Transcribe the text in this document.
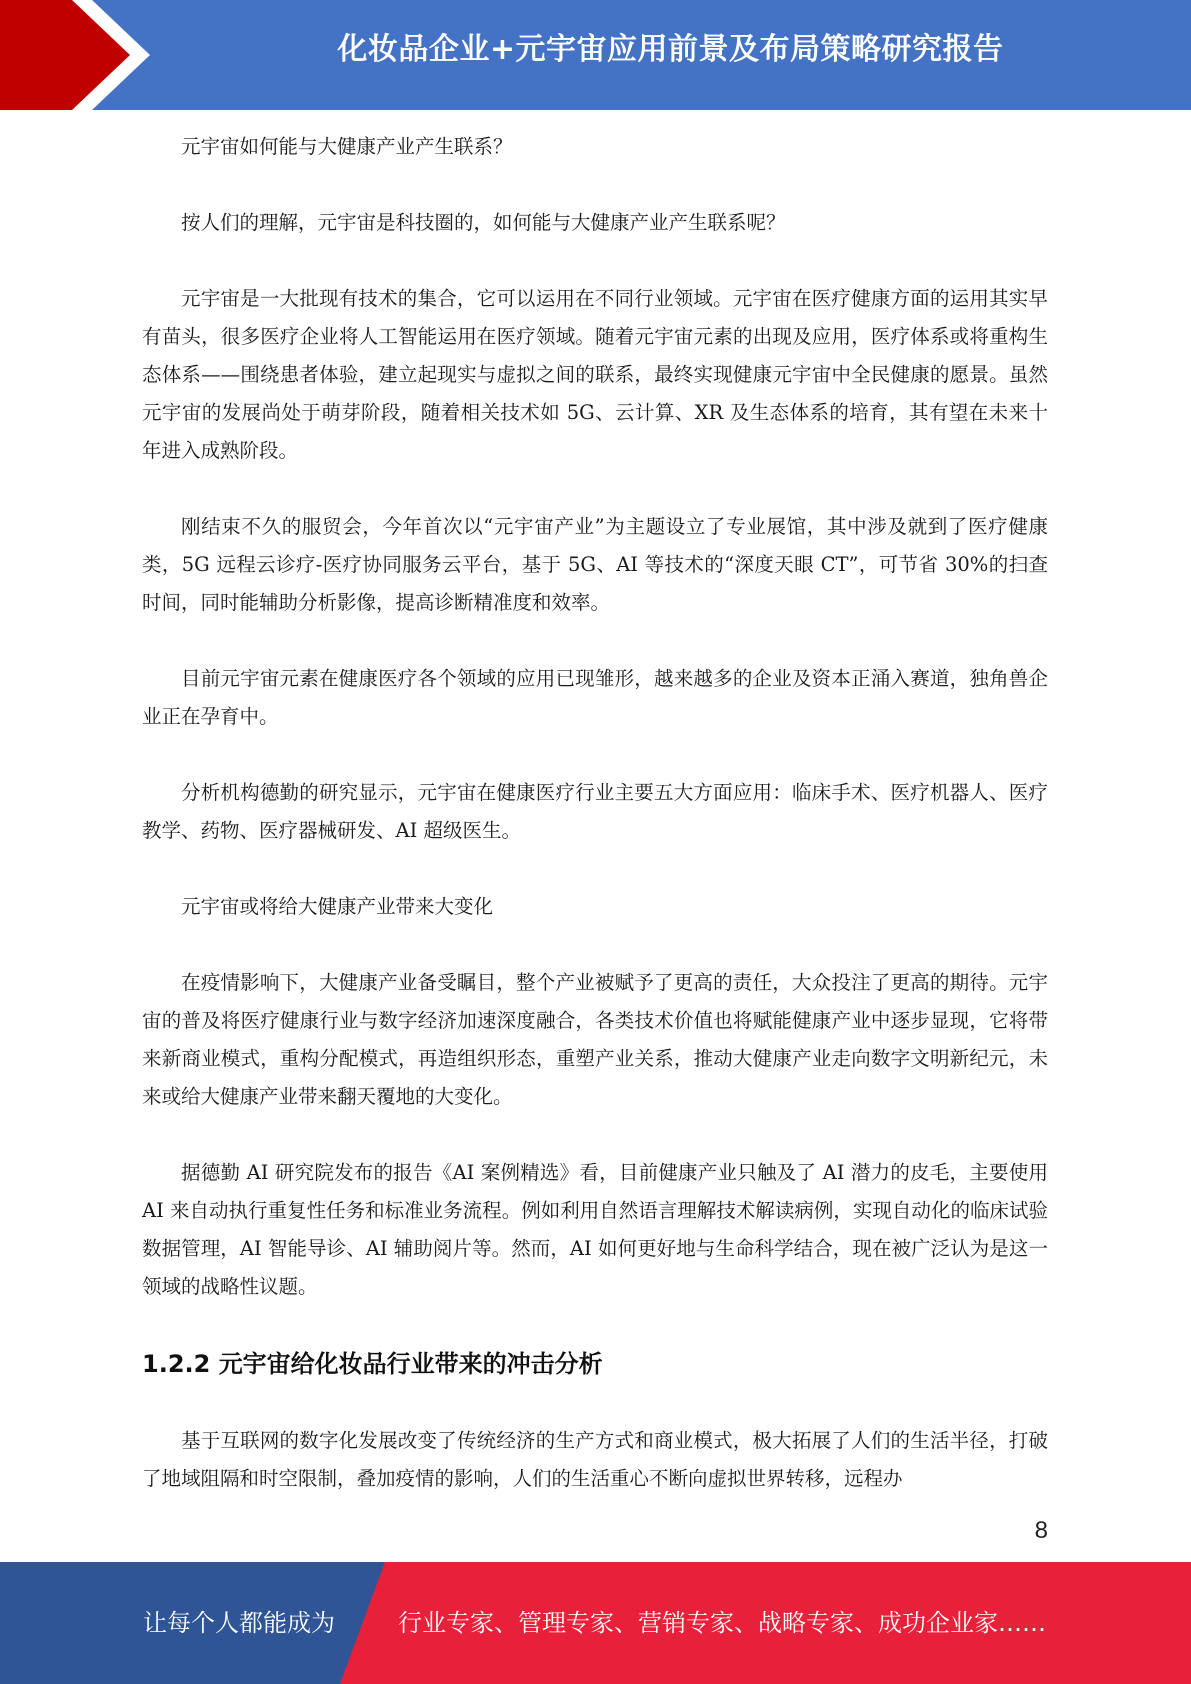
化妆品企业+元宇宙应用前景及布局策略研究报告

元宇宙如何能与大健康产业产生联系？

按人们的理解，元宇宙是科技圈的，如何能与大健康产业产生联系呢？

元宇宙是一大批现有技术的集合，它可以运用在不同行业领域。元宇宙在医疗健康方面的运用其实早有苗头，很多医疗企业将人工智能运用在医疗领域。随着元宇宙元素的出现及应用，医疗体系或将重构生态体系——围绕患者体验，建立起现实与虚拟之间的联系，最终实现健康元宇宙中全民健康的愿景。虽然元宇宙的发展尚处于萌芽阶段，随着相关技术如 5G、云计算、XR 及生态体系的培育，其有望在未来十年进入成熟阶段。

刚结束不久的服贸会，今年首次以“元宇宙产业”为主题设立了专业展馆，其中涉及就到了医疗健康类，5G 远程云诊疗-医疗协同服务云平台，基于 5G、AI 等技术的“深度天眼 CT”，可节省 30%的扫查时间，同时能辅助分析影像，提高诊断精准度和效率。

目前元宇宙元素在健康医疗各个领域的应用已现雏形，越来越多的企业及资本正涌入赛道，独角兽企业正在孕育中。

分析机构德勤的研究显示，元宇宙在健康医疗行业主要五大方面应用：临床手术、医疗机器人、医疗教学、药物、医疗器械研发、AI 超级医生。

元宇宙或将给大健康产业带来大变化

在疫情影响下，大健康产业备受瞩目，整个产业被赋予了更高的责任，大众投注了更高的期待。元宇宙的普及将医疗健康行业与数字经济加速深度融合，各类技术价值也将赋能健康产业中逐步显现，它将带来新商业模式，重构分配模式，再造组织形态，重塑产业关系，推动大健康产业走向数字文明新纪元，未来或给大健康产业带来翻天覆地的大变化。

据德勤 AI 研究院发布的报告《AI 案例精选》看，目前健康产业只触及了 AI 潜力的皮毛，主要使用 AI 来自动执行重复性任务和标准业务流程。例如利用自然语言理解技术解读病例，实现自动化的临床试验数据管理，AI 智能导诊、AI 辅助阅片等。然而，AI 如何更好地与生命科学结合，现在被广泛认为是这一领域的战略性议题。

1.2.2 元宇宙给化妆品行业带来的冲击分析

基于互联网的数字化发展改变了传统经济的生产方式和商业模式，极大拓展了人们的生活半径，打破了地域阻隔和时空限制，叠加疫情的影响，人们的生活重心不断向虚拟世界转移，远程办

8
让每个人都能成为	行业专家、管理专家、营销专家、战略专家、成功企业家……
